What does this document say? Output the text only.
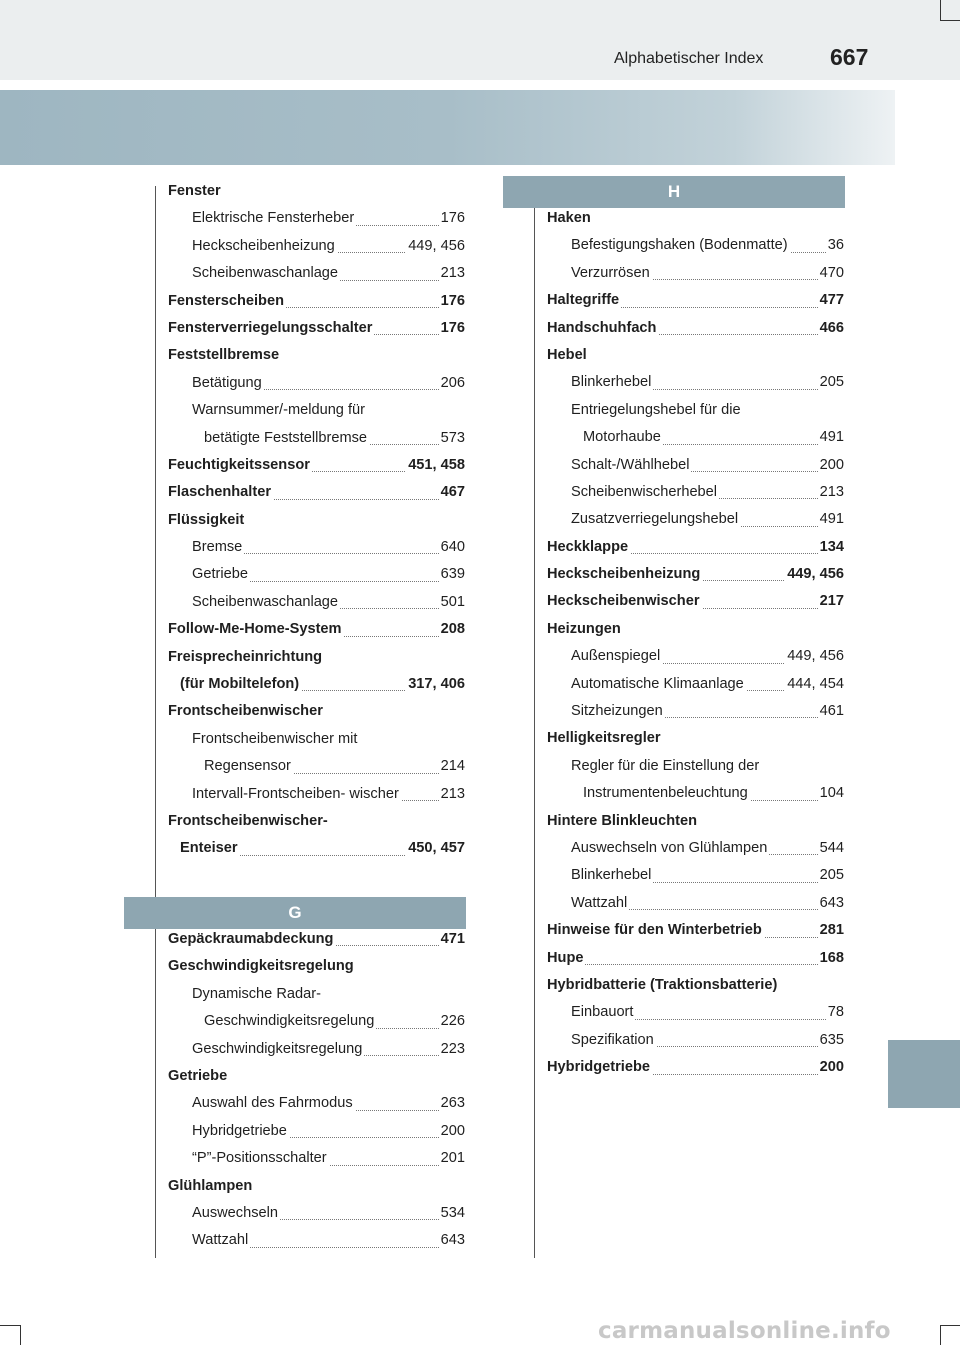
Alphabetischer Index	667
Fenster
Elektrische Fensterheber	176
Heckscheibenheizung	449, 456
Scheibenwaschanlage	213
Fensterscheiben	176
Fensterverriegelungsschalter	176
Feststellbremse
Betätigung	206
Warnsummer/-meldung für
betätigte Feststellbremse	573
Feuchtigkeitssensor	451, 458
Flaschenhalter	467
Flüssigkeit
Bremse	640
Getriebe	639
Scheibenwaschanlage	501
Follow-Me-Home-System	208
Freisprecheinrichtung
(für Mobiltelefon)	317, 406
Frontscheibenwischer
Frontscheibenwischer mit
Regensensor	214
Intervall-Frontscheiben- wischer	213
Frontscheibenwischer-
Enteiser	450, 457
G
Gepäckraumabdeckung	471
Geschwindigkeitsregelung
Dynamische Radar-
Geschwindigkeitsregelung	226
Geschwindigkeitsregelung	223
Getriebe
Auswahl des Fahrmodus	263
Hybridgetriebe	200
“P”-Positionsschalter	201
Glühlampen
Auswechseln	534
Wattzahl	643
H
Haken
Befestigungshaken (Bodenmatte)	36
Verzurrösen	470
Haltegriffe	477
Handschuhfach	466
Hebel
Blinkerhebel	205
Entriegelungshebel für die
Motorhaube	491
Schalt-/Wählhebel	200
Scheibenwischerhebel	213
Zusatzverriegelungshebel	491
Heckklappe	134
Heckscheibenheizung	449, 456
Heckscheibenwischer	217
Heizungen
Außenspiegel	449, 456
Automatische Klimaanlage	444, 454
Sitzheizungen	461
Helligkeitsregler
Regler für die Einstellung der
Instrumentenbeleuchtung	104
Hintere Blinkleuchten
Auswechseln von Glühlampen	544
Blinkerhebel	205
Wattzahl	643
Hinweise für den Winterbetrieb	281
Hupe	168
Hybridbatterie (Traktionsbatterie)
Einbauort	78
Spezifikation	635
Hybridgetriebe	200
carmanualsonline.info
